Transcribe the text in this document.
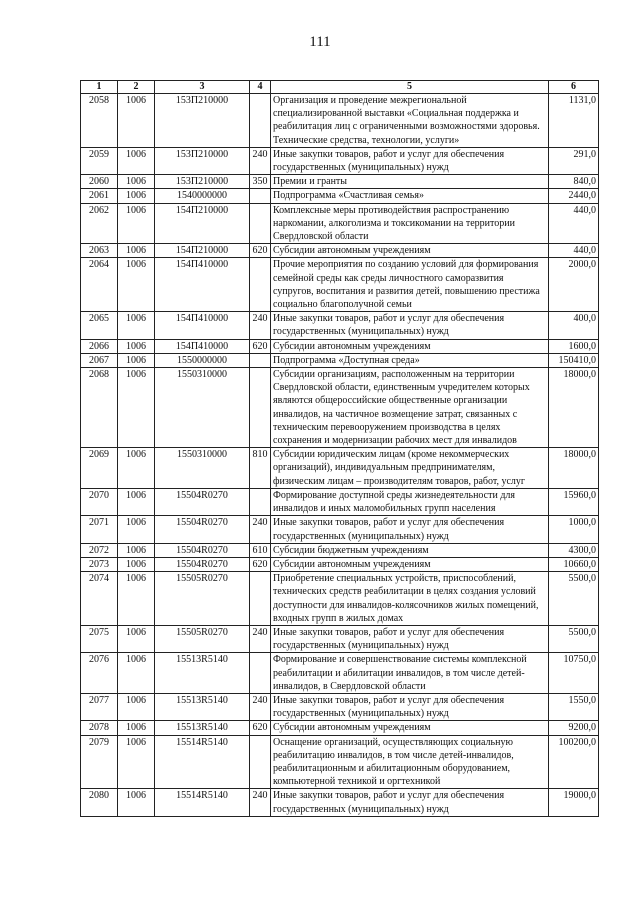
111
1	2	3	4	5	6
2058	1006	153П210000		Организация и проведение межрегиональной специализированной выставки «Социальная поддержка и реабилитация лиц с ограниченными возможностями здоровья. Технические средства, технологии, услуги»	1131,0
2059	1006	153П210000	240	Иные закупки товаров, работ и услуг для обеспечения государственных (муниципальных) нужд	291,0
2060	1006	153П210000	350	Премии и гранты	840,0
2061	1006	1540000000		Подпрограмма «Счастливая семья»	2440,0
2062	1006	154П210000		Комплексные меры противодействия распространению наркомании, алкоголизма и токсикомании на территории Свердловской области	440,0
2063	1006	154П210000	620	Субсидии автономным учреждениям	440,0
2064	1006	154П410000		Прочие мероприятия по созданию условий для формирования семейной среды как среды личностного саморазвития супругов, воспитания и развития детей, повышению престижа социально благополучной семьи	2000,0
2065	1006	154П410000	240	Иные закупки товаров, работ и услуг для обеспечения государственных (муниципальных) нужд	400,0
2066	1006	154П410000	620	Субсидии автономным учреждениям	1600,0
2067	1006	1550000000		Подпрограмма «Доступная среда»	150410,0
2068	1006	1550310000		Субсидии организациям, расположенным на территории Свердловской области, единственным учредителем которых являются общероссийские общественные организации инвалидов, на частичное возмещение затрат, связанных с техническим перевооружением производства в целях сохранения и модернизации рабочих мест для инвалидов	18000,0
2069	1006	1550310000	810	Субсидии юридическим лицам (кроме некоммерческих организаций), индивидуальным предпринимателям, физическим лицам – производителям товаров, работ, услуг	18000,0
2070	1006	15504R0270		Формирование доступной среды жизнедеятельности для инвалидов и иных маломобильных групп населения	15960,0
2071	1006	15504R0270	240	Иные закупки товаров, работ и услуг для обеспечения государственных (муниципальных) нужд	1000,0
2072	1006	15504R0270	610	Субсидии бюджетным учреждениям	4300,0
2073	1006	15504R0270	620	Субсидии автономным учреждениям	10660,0
2074	1006	15505R0270		Приобретение специальных устройств, приспособлений, технических средств реабилитации в целях создания условий доступности для инвалидов-колясочников жилых помещений, входных групп в жилых домах	5500,0
2075	1006	15505R0270	240	Иные закупки товаров, работ и услуг для обеспечения государственных (муниципальных) нужд	5500,0
2076	1006	15513R5140		Формирование и совершенствование системы комплексной реабилитации и абилитации инвалидов, в том числе детей-инвалидов, в Свердловской области	10750,0
2077	1006	15513R5140	240	Иные закупки товаров, работ и услуг для обеспечения государственных (муниципальных) нужд	1550,0
2078	1006	15513R5140	620	Субсидии автономным учреждениям	9200,0
2079	1006	15514R5140		Оснащение организаций, осуществляющих социальную реабилитацию инвалидов, в том числе детей-инвалидов, реабилитационным и абилитационным оборудованием, компьютерной техникой и оргтехникой	100200,0
2080	1006	15514R5140	240	Иные закупки товаров, работ и услуг для обеспечения государственных (муниципальных) нужд	19000,0
